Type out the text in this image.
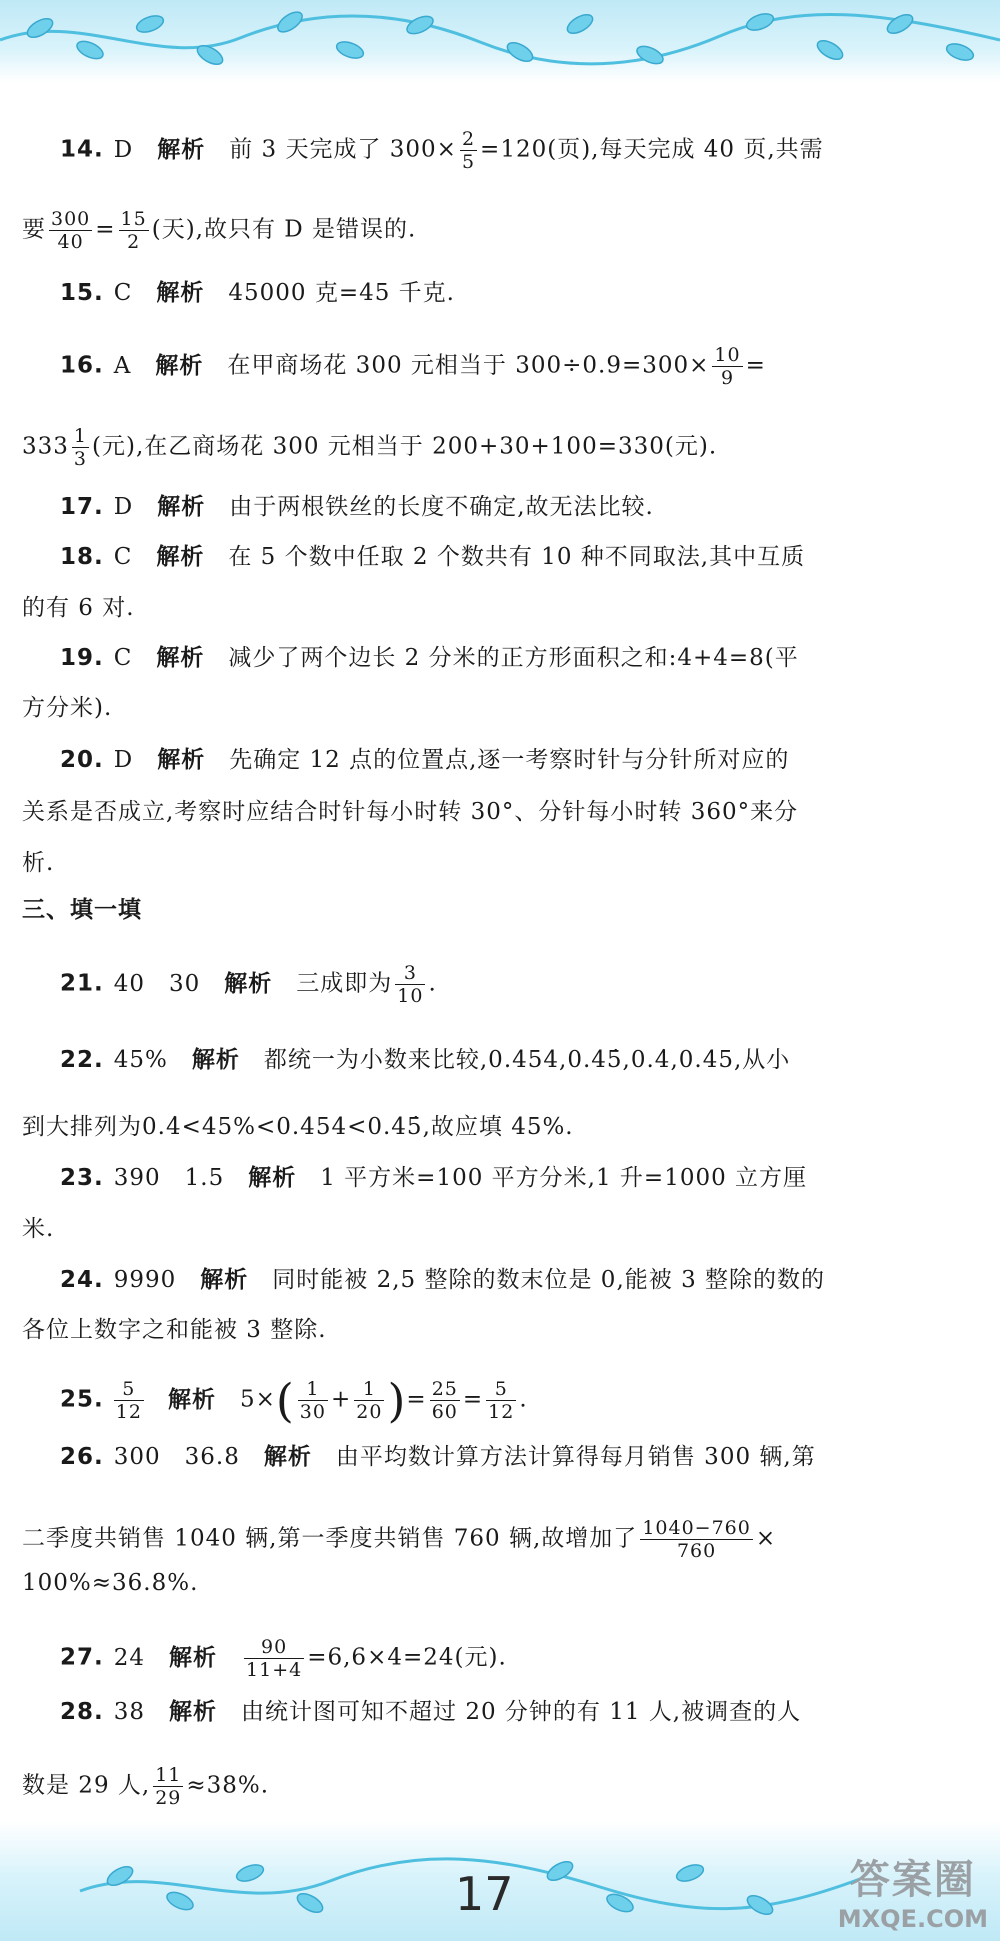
14. D 解析 前 3 天完成了 $300\times \frac{2}{5} =120$(页),每天完成 40 页,共需
要 $\frac{300}{40} = \frac{15}{2}$ (天),故只有 D 是错误的.
15. C 解析 45000 克=45 千克.
16. A 解析 在甲商场花 300 元相当于 $300\div 0.9=300\times \frac{10}{9}$ =
$333 \frac{1}{3}$ (元),在乙商场花 300 元相当于 200+30+100=330(元).
17. D 解析 由于两根铁丝的长度不确定,故无法比较.
18. C 解析 在 5 个数中任取 2 个数共有 10 种不同取法,其中互质
的有 6 对.
19. C 解析 减少了两个边长 2 分米的正方形面积之和:4+4=8(平
方分米).
20. D 解析 先确定 12 点的位置点,逐一考察时针与分针所对应的
关系是否成立,考察时应结合时针每小时转 30°、分针每小时转 360°来分
析.
三、填一填
21. 40　30 解析 三成即为 $\frac{3}{10}$ .
22. 45% 解析 都统一为小数来比较,0.454,0.45̇,0.4̇,0.45,从小
到大排列为0.4̇<45%<0.454<0.45̇,故应填 45%.
23. 390　1.5 解析 1 平方米=100 平方分米,1 升=1000 立方厘
米.
24. 9990 解析 同时能被 2,5 整除的数末位是 0,能被 3 整除的数的
各位上数字之和能被 3 整除.
25. $\frac{5}{12}$ 解析 $5\times( \frac{1}{30} + \frac{1}{20}$ )= $\frac{25}{60} = \frac{5}{12}$ .
26. 300　36.8 解析 由平均数计算方法计算得每月销售 300 辆,第
二季度共销售 1040 辆,第一季度共销售 760 辆,故增加了 $\frac{1040-760}{760}$ ×
100%≈36.8%.
27. 24 解析 $\frac{90}{11+4} =6,6\times 4=24$(元).
28. 38 解析 由统计图可知不超过 20 分钟的有 11 人,被调查的人
数是 29 人, $\frac{11}{29} \approx 38\%$.
17	答案圈
MXQE.COM
